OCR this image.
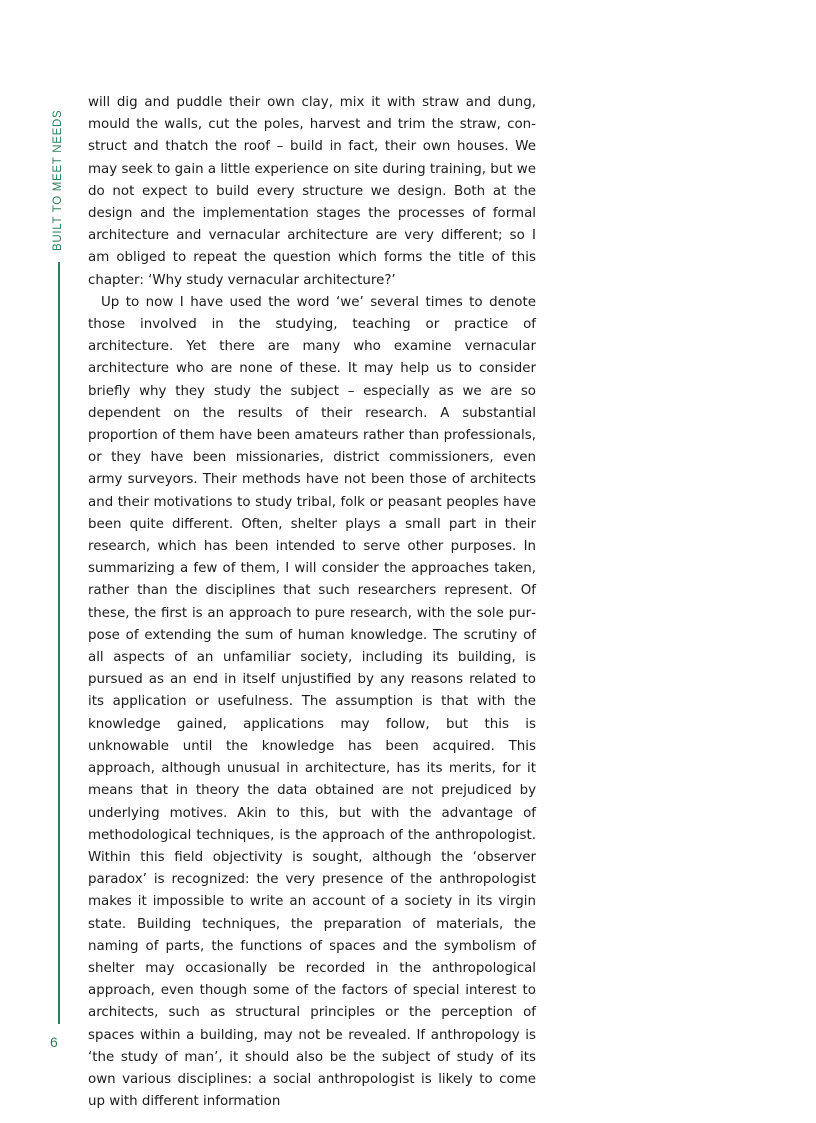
BUILT TO MEET NEEDS
6

will dig and puddle their own clay, mix it with straw and dung, mould the walls, cut the poles, harvest and trim the straw, construct and thatch the roof – build in fact, their own houses. We may seek to gain a little experience on site during training, but we do not expect to build every structure we design. Both at the design and the implementation stages the processes of formal architecture and vernacular architecture are very different; so I am obliged to repeat the question which forms the title of this chapter: ‘Why study vernacular architecture?’

Up to now I have used the word ‘we’ several times to denote those involved in the studying, teaching or practice of architecture. Yet there are many who examine vernacular architecture who are none of these. It may help us to consider briefly why they study the subject – especially as we are so dependent on the results of their research. A substantial proportion of them have been amateurs rather than professionals, or they have been missionaries, district commissioners, even army surveyors. Their methods have not been those of architects and their motivations to study tribal, folk or peasant peoples have been quite different. Often, shelter plays a small part in their research, which has been intended to serve other purposes. In summarizing a few of them, I will consider the approaches taken, rather than the disciplines that such researchers represent. Of these, the first is an approach to pure research, with the sole purpose of extending the sum of human knowledge. The scrutiny of all aspects of an unfamiliar society, including its building, is pursued as an end in itself unjustified by any reasons related to its application or usefulness. The assumption is that with the knowledge gained, applications may follow, but this is unknowable until the knowledge has been acquired. This approach, although unusual in architecture, has its merits, for it means that in theory the data obtained are not prejudiced by underlying motives. Akin to this, but with the advantage of methodological techniques, is the approach of the anthropologist. Within this field objectivity is sought, although the ‘observer paradox’ is recognized: the very presence of the anthropologist makes it impossible to write an account of a society in its virgin state. Building techniques, the preparation of materials, the naming of parts, the functions of spaces and the symbolism of shelter may occasionally be recorded in the anthropological approach, even though some of the factors of special interest to architects, such as structural principles or the perception of spaces within a building, may not be revealed. If anthropology is ‘the study of man’, it should also be the subject of study of its own various disciplines: a social anthropologist is likely to come up with different information
